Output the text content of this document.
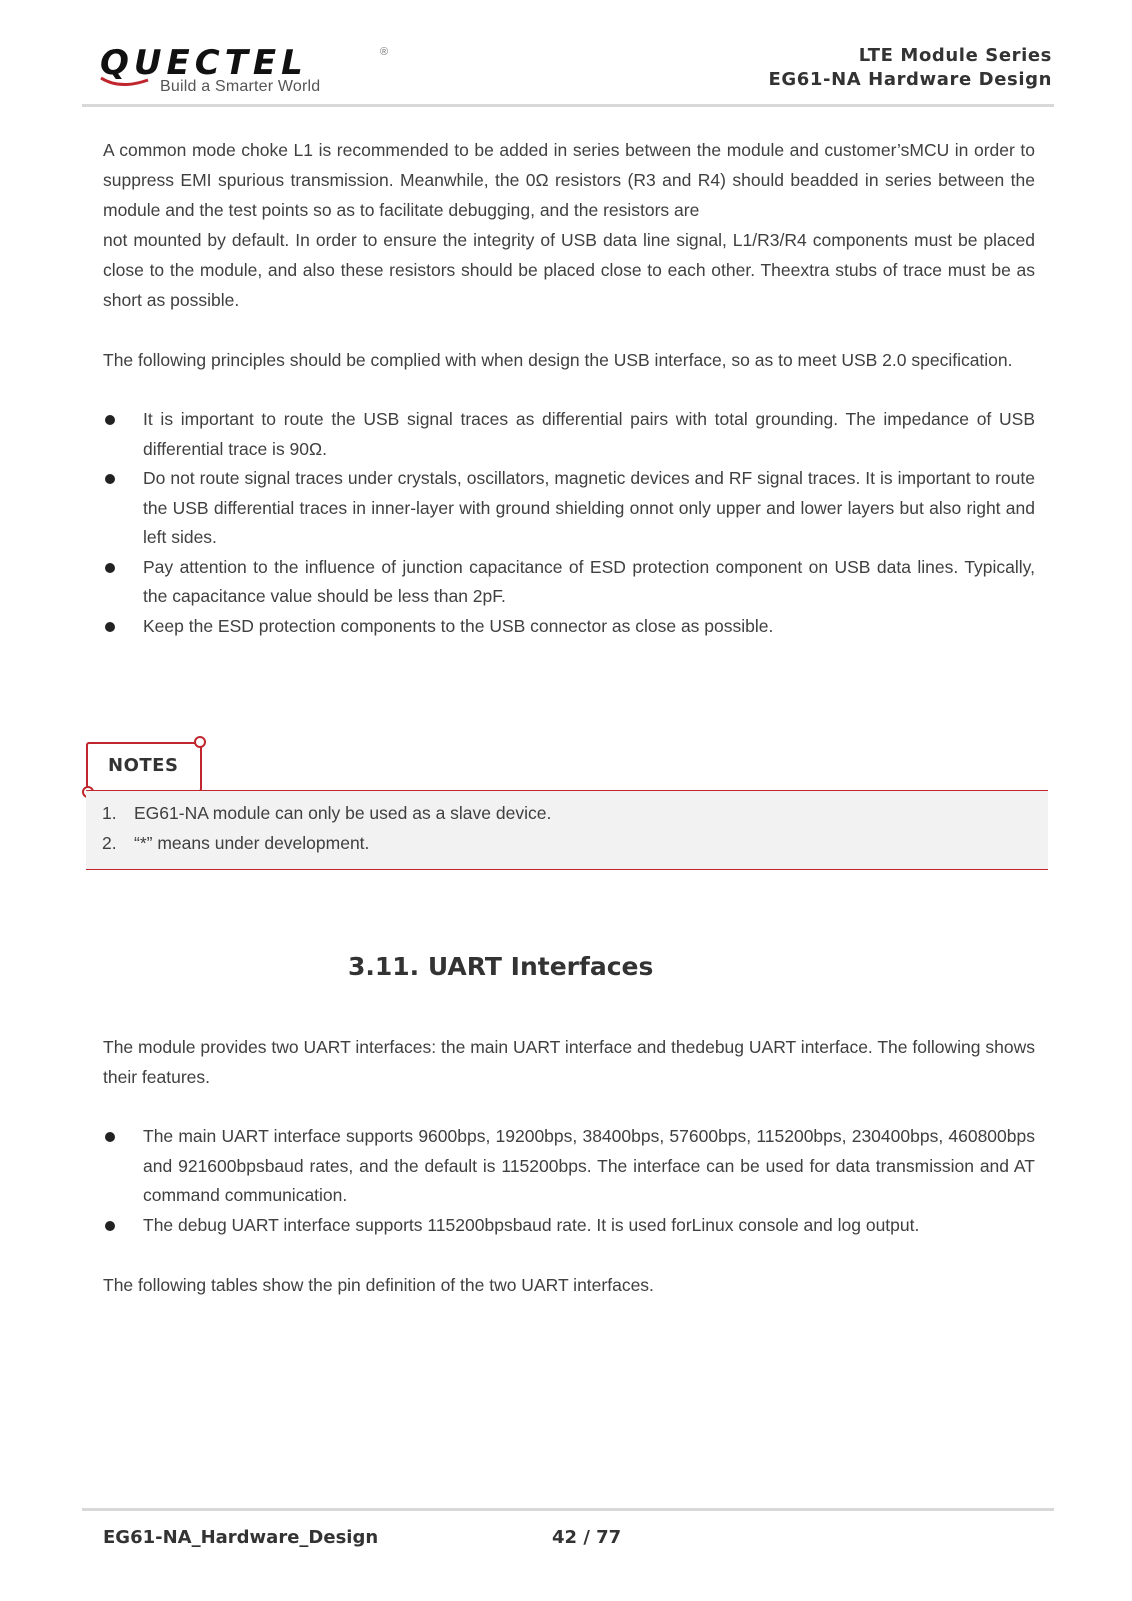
QUECTEL	®
Build a Smarter World
LTE Module Series
EG61-NA Hardware Design

A common mode choke L1 is recommended to be added in series between the module and customer’sMCU in order to suppress EMI spurious transmission. Meanwhile, the 0Ω resistors (R3 and R4) should beadded in series between the module and the test points so as to facilitate debugging, and the resistors are

not mounted by default. In order to ensure the integrity of USB data line signal, L1/R3/R4 components must be placed close to the module, and also these resistors should be placed close to each other. Theextra stubs of trace must be as short as possible.

The following principles should be complied with when design the USB interface, so as to meet USB 2.0 specification.

It is important to route the USB signal traces as differential pairs with total grounding. The impedance of USB differential trace is 90Ω.
Do not route signal traces under crystals, oscillators, magnetic devices and RF signal traces. It is important to route the USB differential traces in inner-layer with ground shielding onnot only upper and lower layers but also right and left sides.
Pay attention to the influence of junction capacitance of ESD protection component on USB data lines. Typically, the capacitance value should be less than 2pF.
Keep the ESD protection components to the USB connector as close as possible.
NOTES
1. EG61-NA module can only be used as a slave device.
2. “*” means under development.
3.11. UART Interfaces

The module provides two UART interfaces: the main UART interface and thedebug UART interface. The following shows their features.

The main UART interface supports 9600bps, 19200bps, 38400bps, 57600bps, 115200bps, 230400bps, 460800bps and 921600bpsbaud rates, and the default is 115200bps. The interface can be used for data transmission and AT command communication.
The debug UART interface supports 115200bpsbaud rate. It is used forLinux console and log output.

The following tables show the pin definition of the two UART interfaces.

EG61-NA_Hardware_Design	42 / 77
